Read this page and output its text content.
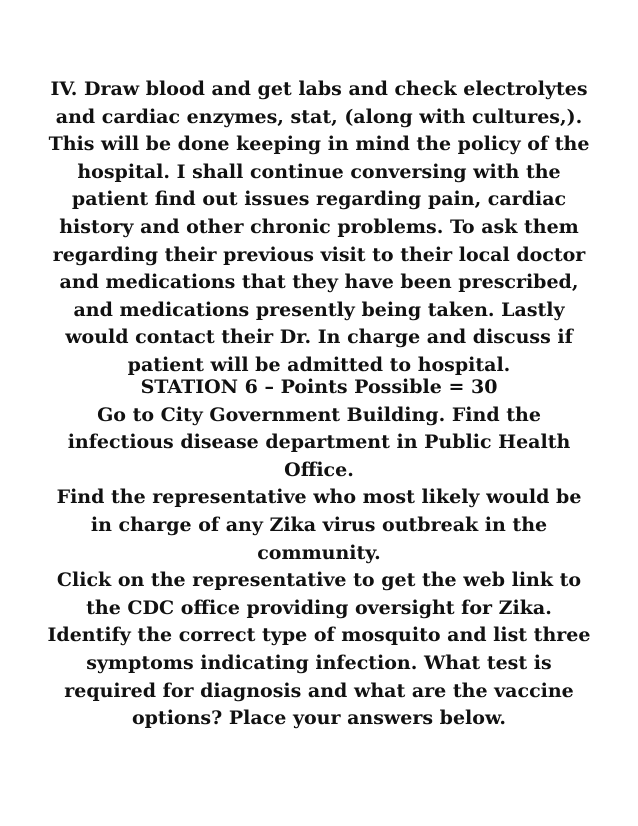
IV. Draw blood and get labs and check electrolytes
and cardiac enzymes, stat, (along with cultures,).
This will be done keeping in mind the policy of the
hospital. I shall continue conversing with the
patient find out issues regarding pain, cardiac
history and other chronic problems. To ask them
regarding their previous visit to their local doctor
and medications that they have been prescribed,
and medications presently being taken. Lastly
would contact their Dr. In charge and discuss if
patient will be admitted to hospital.
STATION 6 – Points Possible = 30
Go to City Government Building. Find the
infectious disease department in Public Health
Office.
Find the representative who most likely would be
in charge of any Zika virus outbreak in the
community.
Click on the representative to get the web link to
the CDC office providing oversight for Zika.
Identify the correct type of mosquito and list three
symptoms indicating infection. What test is
required for diagnosis and what are the vaccine
options? Place your answers below.
